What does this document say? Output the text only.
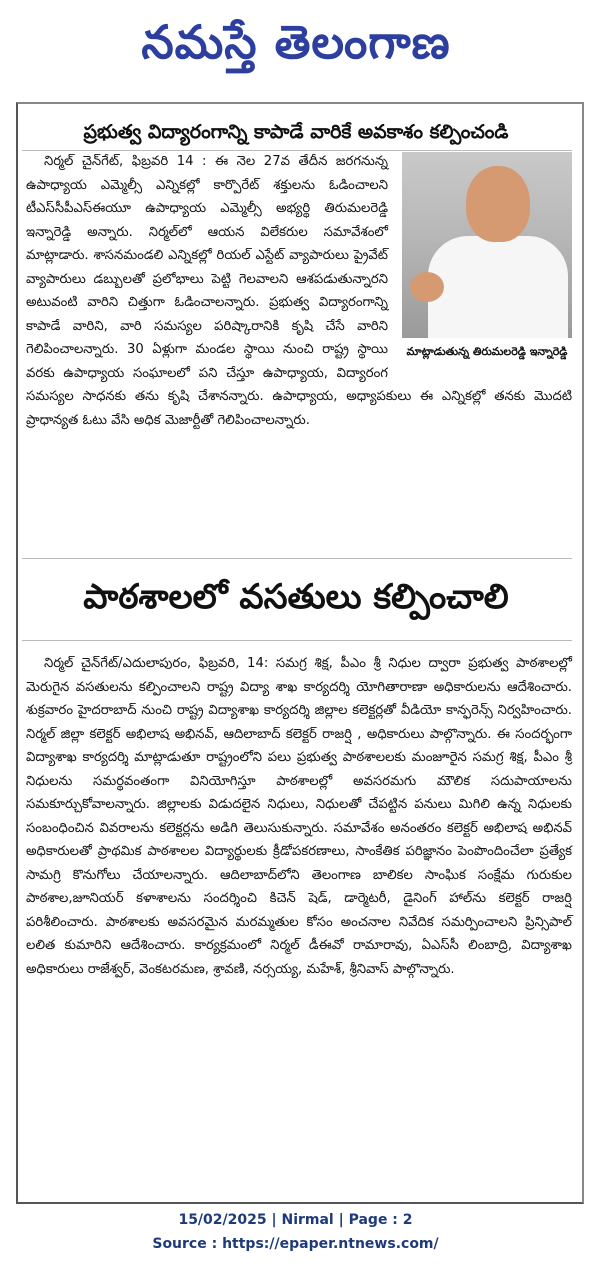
నమస్తే తెలంగాణ
ప్రభుత్వ విద్యారంగాన్ని కాపాడే వారికే అవకాశం కల్పించండి
మాట్లాడుతున్న తిరుమలరెడ్డి ఇన్నారెడ్డి

నిర్మల్ చైన్‌గేట్, ఫిబ్రవరి 14 : ఈ నెల 27వ తేదీన జరగనున్న ఉపాధ్యాయ ఎమ్మెల్సీ ఎన్నికల్లో కార్పొరేట్ శక్తులను ఓడించాలని టీఎస్‌సీపీఎస్‌ఈయూ ఉపాధ్యాయ ఎమ్మెల్సీ అభ్యర్థి తిరుమలరెడ్డి ఇన్నారెడ్డి అన్నారు. నిర్మల్‌లో ఆయన విలేకరుల సమావేశంలో మాట్లాడారు. శాసనమండలి ఎన్నికల్లో రియల్ ఎస్టేట్ వ్యాపారులు ప్రైవేట్ వ్యాపారులు డబ్బులతో ప్రలోభాలు పెట్టి గెలవాలని ఆశపడుతున్నారని అటువంటి వారిని చిత్తుగా ఓడించాలన్నారు. ప్రభుత్వ విద్యారంగాన్ని కాపాడే వారిని, వారి సమస్యల పరిష్కారానికి కృషి చేసే వారిని గెలిపించాలన్నారు. 30 ఏళ్లుగా మండల స్థాయి నుంచి రాష్ట్ర స్థాయి వరకు ఉపాధ్యాయ సంఘాలలో పని చేస్తూ ఉపాధ్యాయ, విద్యారంగ సమస్యల సాధనకు తను కృషి చేశానన్నారు. ఉపాధ్యాయ, అధ్యాపకులు ఈ ఎన్నికల్లో తనకు మొదటి ప్రాధాన్యత ఓటు వేసి అధిక మెజార్టీతో గెలిపించాలన్నారు.

పాఠశాలలో వసతులు కల్పించాలి

నిర్మల్ చైన్‌గేట్/ఎదులాపురం, ఫిబ్రవరి, 14: సమగ్ర శిక్ష, పీఎం శ్రీ నిధుల ద్వారా ప్రభుత్వ పాఠశాలల్లో మెరుగైన వసతులను కల్పించాలని రాష్ట్ర విద్యా శాఖ కార్యదర్శి యోగితారాణా అధికారులను ఆదేశించారు. శుక్రవారం హైదరాబాద్ నుంచి రాష్ట్ర విద్యాశాఖ కార్యదర్శి జిల్లాల కలెక్టర్లతో వీడియో కాన్ఫరెన్స్ నిర్వహించారు. నిర్మల్ జిల్లా కలెక్టర్ అభిలాష అభినవ్, ఆదిలాబాద్ కలెక్టర్ రాజర్షి , అధికారులు పాల్గొన్నారు. ఈ సందర్భంగా విద్యాశాఖ కార్యదర్శి మాట్లాడుతూ రాష్ట్రంలోని పలు ప్రభుత్వ పాఠశాలలకు మంజూరైన సమగ్ర శిక్ష, పీఎం శ్రీ నిధులను సమర్థవంతంగా వినియోగిస్తూ పాఠశాలల్లో అవసరమగు మౌలిక సదుపాయాలను సమకూర్చుకోవాలన్నారు. జిల్లాలకు విడుదలైన నిధులు, నిధులతో చేపట్టిన పనులు మిగిలి ఉన్న నిధులకు సంబంధించిన వివరాలను కలెక్టర్లను అడిగి తెలుసుకున్నారు. సమావేశం అనంతరం కలెక్టర్ అభిలాష అభినవ్ అధికారులతో ప్రాథమిక పాఠశాలల విద్యార్థులకు క్రీడోపకరణాలు, సాంకేతిక పరిజ్ఞానం పెంపొందించేలా ప్రత్యేక సామగ్రి కొనుగోలు చేయాలన్నారు. ఆదిలాబాద్‌లోని తెలంగాణ బాలికల సాంఘిక సంక్షేమ గురుకుల పాఠశాల,జూనియర్ కళాశాలను సందర్శించి కిచెన్ షెడ్, డార్మెటరీ, డైనింగ్ హాల్‌ను కలెక్టర్ రాజర్షి పరిశీలించారు. పాఠశాలకు అవసరమైన మరమ్మతుల కోసం అంచనాల నివేదిక సమర్పించాలని ప్రిన్సిపాల్ లలిత కుమారిని ఆదేశించారు. కార్యక్రమంలో నిర్మల్ డీఈవో రామారావు, ఏఎస్‌సీ లింబాద్రి, విద్యాశాఖ అధికారులు రాజేశ్వర్, వెంకటరమణ, శ్రావణి, నర్సయ్య, మహేశ్, శ్రీనివాస్ పాల్గొన్నారు.

15/02/2025 | Nirmal | Page : 2
Source : https://epaper.ntnews.com/
